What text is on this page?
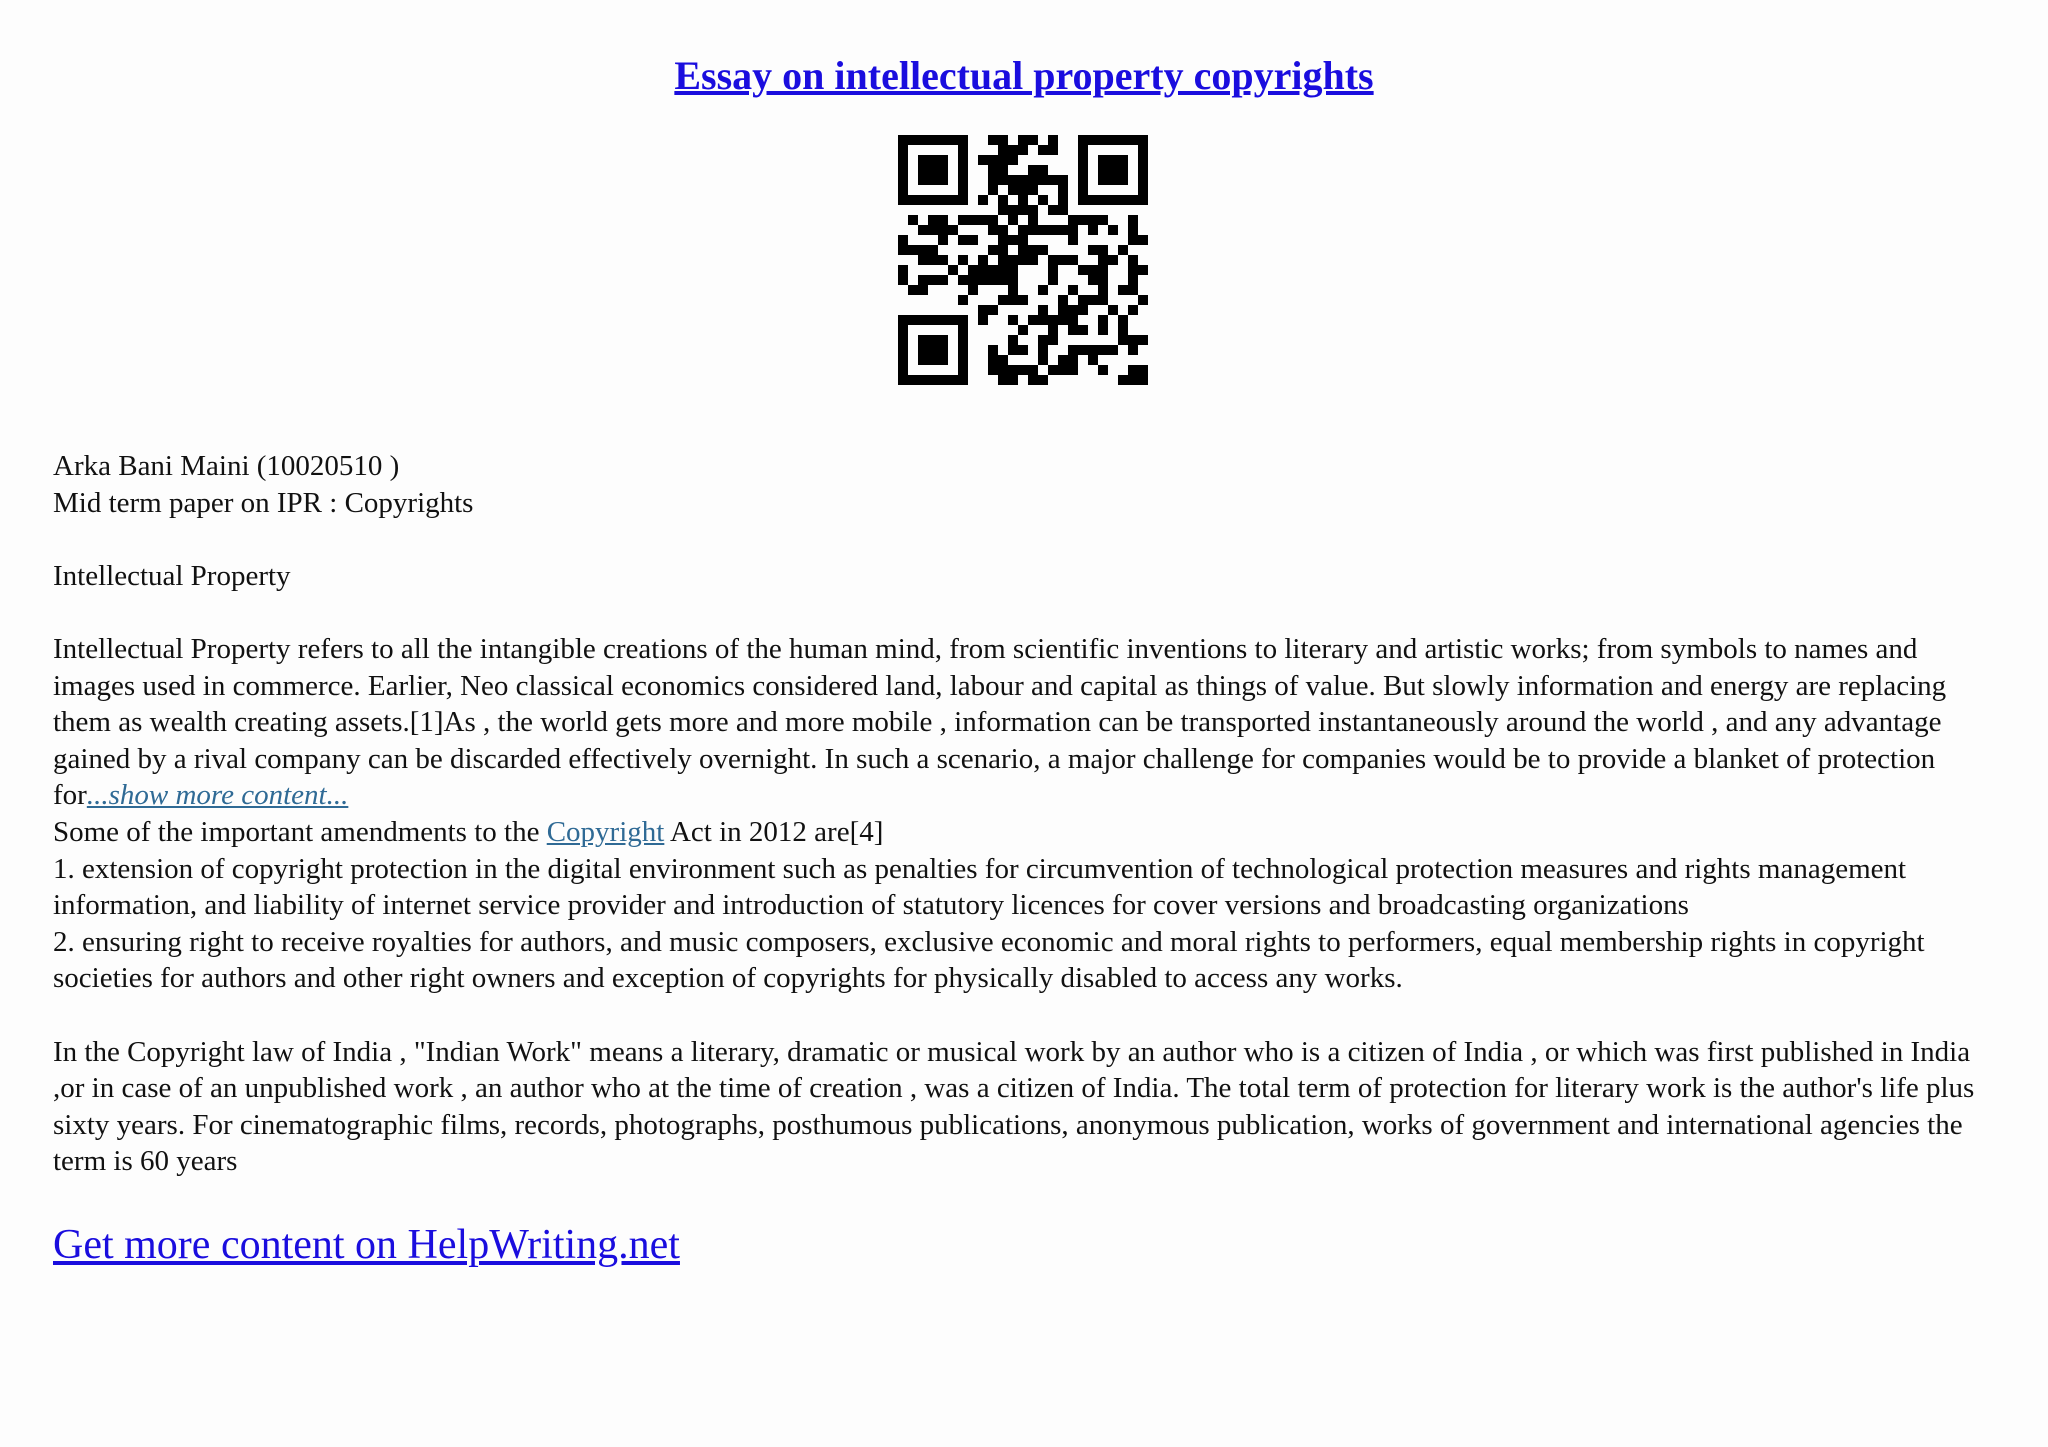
Essay on intellectual property copyrights

Arka Bani Maini (10020510 )

Mid term paper on IPR : Copyrights

Intellectual Property

Intellectual Property refers to all the intangible creations of the human mind, from scientific inventions to literary and artistic works; from symbols to names and images used in commerce. Earlier, Neo classical economics considered land, labour and capital as things of value. But slowly information and energy are replacing them as wealth creating assets.[1]As , the world gets more and more mobile , information can be transported instantaneously around the world , and any advantage gained by a rival company can be discarded effectively overnight. In such a scenario, a major challenge for companies would be to provide a blanket of protection for...show more content...

Some of the important amendments to the Copyright Act in 2012 are[4]

1. extension of copyright protection in the digital environment such as penalties for circumvention of technological protection measures and rights management information, and liability of internet service provider and introduction of statutory licences for cover versions and broadcasting organizations

2. ensuring right to receive royalties for authors, and music composers, exclusive economic and moral rights to performers, equal membership rights in copyright societies for authors and other right owners and exception of copyrights for physically disabled to access any works.

In the Copyright law of India , "Indian Work" means a literary, dramatic or musical work by an author who is a citizen of India , or which was first published in India ,or in case of an unpublished work , an author who at the time of creation , was a citizen of India. The total term of protection for literary work is the author's life plus sixty years. For cinematographic films, records, photographs, posthumous publications, anonymous publication, works of government and international agencies the term is 60 years

Get more content on HelpWriting.net
